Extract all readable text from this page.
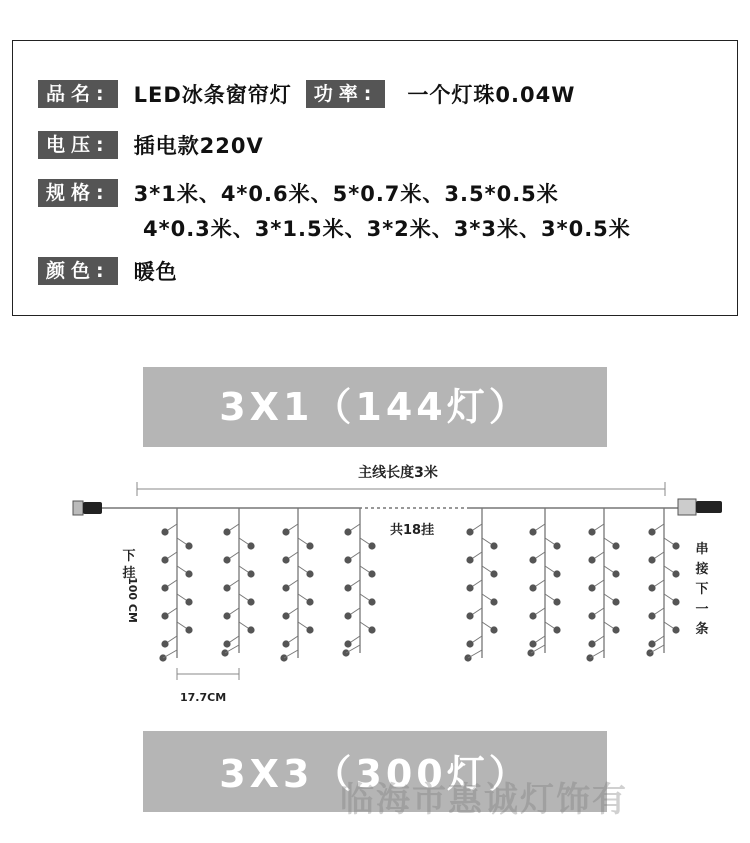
品名:	LED冰条窗帘灯	功率:	一个灯珠0.04W
电压:	插电款220V
规格:	3*1米、4*0.6米、5*0.7米、3.5*0.5米
4*0.3米、3*1.5米、3*2米、3*3米、3*0.5米
颜色:	暖色
3X1（144灯）
主线长度3米
共18挂
下
挂
100 CM
17.7CM
串
接
下
一
条
3X3（300灯）
临海市惠诚灯饰有
